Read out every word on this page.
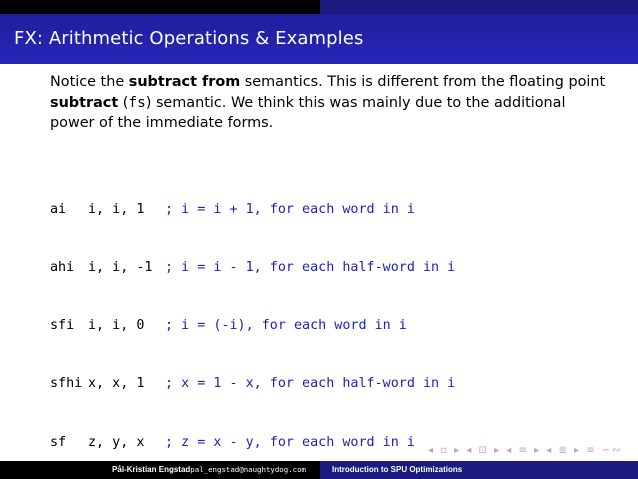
FX: Arithmetic Operations & Examples

Notice the subtract from semantics. This is different from the floating point subtract (fs) semantic. We think this was mainly due to the additional power of the immediate forms.

ai i, i, 1 ; i = i + 1, for each word in i

ahi i, i, -1 ; i = i - 1, for each half-word in i

sfi i, i, 0 ; i = (-i), for each word in i

sfhi x, x, 1 ; x = 1 - x, for each half-word in i

sf z, y, x ; z = x - y, for each word in i

◂ ▫ ▸ ◂ ⊡ ▸ ◂ ≡ ▸ ◂ ≣ ▸ ≡ ∽∾
Pål-Kristian Engstadpal_engstad@naughtydog.com	Introduction to SPU Optimizations
